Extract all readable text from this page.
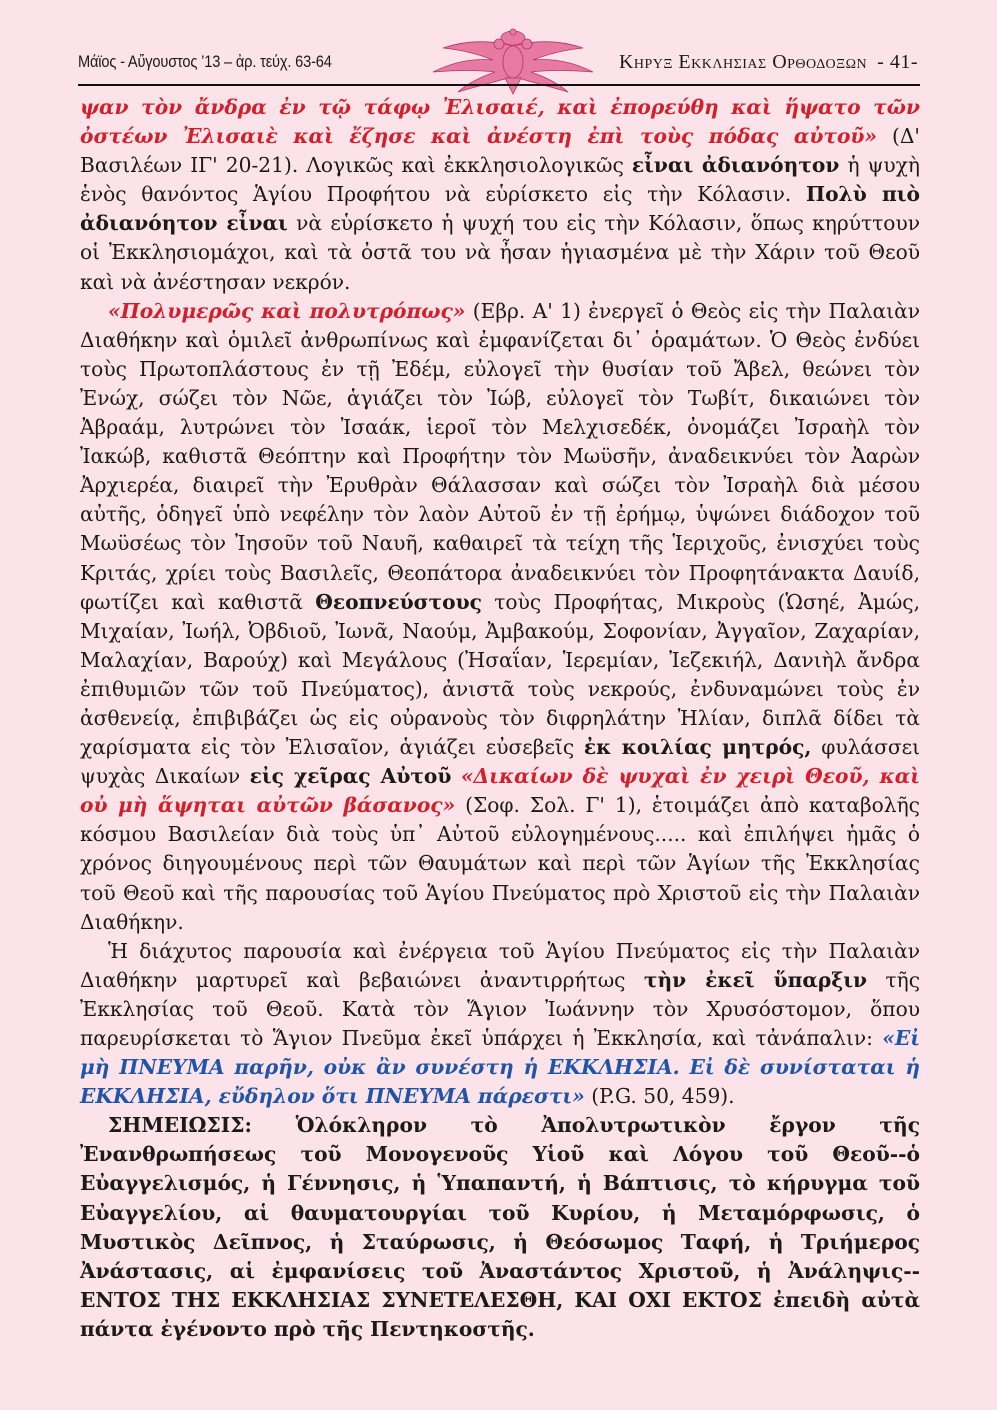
Μάϊος - Αὔγουστος ’13 – ἀρ. τεύχ. 63-64	Κηρυξ Εκκλησιας Ορθοδοξων - 41-

ψαν τὸν ἄνδρα ἐν τῷ τάφῳ Ἐλισαιέ, καὶ ἐπορεύθη καὶ ἥψατο τῶν ὀστέων Ἐλισαιὲ καὶ ἔζησε καὶ ἀνέστη ἐπὶ τοὺς πόδας αὐτοῦ» (Δ' Βασιλέων ΙΓ' 20-21). Λογικῶς καὶ ἐκκλησιολογικῶς εἶναι ἀδιανόητον ἡ ψυχὴ ἑνὸς θανόντος Ἁγίου Προφήτου νὰ εὑρίσκετο εἰς τὴν Κόλασιν. Πολὺ πιὸ ἀδιανόητον εἶναι νὰ εὑρίσκετο ἡ ψυχή του εἰς τὴν Κόλασιν, ὅπως κηρύττουν οἱ Ἐκκλησιομάχοι, καὶ τὰ ὀστᾶ του νὰ ἦσαν ἡγιασμένα μὲ τὴν Χάριν τοῦ Θεοῦ καὶ νὰ ἀνέστησαν νεκρόν.

«Πολυμερῶς καὶ πολυτρόπως» (Εβρ. Α' 1) ἐνεργεῖ ὁ Θεὸς εἰς τὴν Παλαιὰν Διαθήκην καὶ ὁμιλεῖ ἀνθρωπίνως καὶ ἐμφανίζεται δι᾽ ὁραμάτων. Ὁ Θεὸς ἐνδύει τοὺς Πρωτοπλάστους ἐν τῇ Ἐδέμ, εὐλογεῖ τὴν θυσίαν τοῦ Ἄβελ, θεώνει τὸν Ἐνώχ, σώζει τὸν Νῶε, ἁγιάζει τὸν Ἰώβ, εὐλογεῖ τὸν Τωβίτ, δικαιώνει τὸν Ἀβραάμ, λυτρώνει τὸν Ἰσαάκ, ἱεροῖ τὸν Μελχισεδέκ, ὀνομάζει Ἰσραὴλ τὸν Ἰακώβ, καθιστᾶ Θεόπτην καὶ Προφήτην τὸν Μωϋσῆν, ἀναδεικνύει τὸν Ἀαρὼν Ἀρχιερέα, διαιρεῖ τὴν Ἐρυθρὰν Θάλασσαν καὶ σώζει τὸν Ἰσραὴλ διὰ μέσου αὐτῆς, ὁδηγεῖ ὑπὸ νεφέλην τὸν λαὸν Αὐτοῦ ἐν τῇ ἐρήμῳ, ὑψώνει διάδοχον τοῦ Μωϋσέως τὸν Ἰησοῦν τοῦ Ναυῆ, καθαιρεῖ τὰ τείχη τῆς Ἱεριχοῦς, ἐνισχύει τοὺς Κριτάς, χρίει τοὺς Βασιλεῖς, Θεοπάτορα ἀναδεικνύει τὸν Προφητάνακτα Δαυίδ, φωτίζει καὶ καθιστᾶ Θεοπνεύστους τοὺς Προφήτας, Μικροὺς (Ὡσηέ, Ἀμώς, Μιχαίαν, Ἰωήλ, Ὀβδιοῦ, Ἰωνᾶ, Ναούμ, Ἀμβακούμ, Σοφονίαν, Ἀγγαῖον, Ζαχαρίαν, Μαλαχίαν, Βαρούχ) καὶ Μεγάλους (Ἠσαΐαν, Ἱερεμίαν, Ἰεζεκιήλ, Δανιὴλ ἄνδρα ἐπιθυμιῶν τῶν τοῦ Πνεύματος), ἀνιστᾶ τοὺς νεκρούς, ἐνδυναμώνει τοὺς ἐν ἀσθενείᾳ, ἐπιβιβάζει ὡς εἰς οὐρανοὺς τὸν διφρηλάτην Ἠλίαν, διπλᾶ δίδει τὰ χαρίσματα εἰς τὸν Ἐλισαῖον, ἁγιάζει εὐσεβεῖς ἐκ κοιλίας μητρός, φυλάσσει ψυχὰς Δικαίων εἰς χεῖρας Αὐτοῦ «Δικαίων δὲ ψυχαὶ ἐν χειρὶ Θεοῦ, καὶ οὐ μὴ ἅψηται αὐτῶν βάσανος» (Σοφ. Σολ. Γ' 1), ἑτοιμάζει ἀπὸ καταβολῆς κόσμου Βασιλείαν διὰ τοὺς ὑπ᾽ Αὐτοῦ εὐλογημένους..... καὶ ἐπιλήψει ἡμᾶς ὁ χρόνος διηγουμένους περὶ τῶν Θαυμάτων καὶ περὶ τῶν Ἁγίων τῆς Ἐκκλησίας τοῦ Θεοῦ καὶ τῆς παρουσίας τοῦ Ἁγίου Πνεύματος πρὸ Χριστοῦ εἰς τὴν Παλαιὰν Διαθήκην.

Ἡ διάχυτος παρουσία καὶ ἐνέργεια τοῦ Ἁγίου Πνεύματος εἰς τὴν Παλαιὰν Διαθήκην μαρτυρεῖ καὶ βεβαιώνει ἀναντιρρήτως τὴν ἐκεῖ ὕπαρξιν τῆς Ἐκκλησίας τοῦ Θεοῦ. Κατὰ τὸν Ἅγιον Ἰωάννην τὸν Χρυσόστομον, ὅπου παρευρίσκεται τὸ Ἅγιον Πνεῦμα ἐκεῖ ὑπάρχει ἡ Ἐκκλησία, καὶ τἀνάπαλιν: «Εἰ μὴ ΠΝΕΥΜΑ παρῆν, οὐκ ἂν συνέστη ἡ ΕΚΚΛΗΣΙΑ. Εἰ δὲ συνίσταται ἡ ΕΚΚΛΗΣΙΑ, εὔδηλον ὅτι ΠΝΕΥΜΑ πάρεστι» (P.G. 50, 459).

ΣΗΜΕΙΩΣΙΣ: Ὁλόκληρον τὸ Ἀπολυτρωτικὸν ἔργον τῆς Ἐνανθρωπήσεως τοῦ Μονογενοῦς Υἱοῦ καὶ Λόγου τοῦ Θεοῦ--ὁ Εὐαγγελισμός, ἡ Γέννησις, ἡ Ὑπαπαντή, ἡ Βάπτισις, τὸ κήρυγμα τοῦ Εὐαγγελίου, αἱ θαυματουργίαι τοῦ Κυρίου, ἡ Μεταμόρφωσις, ὁ Μυστικὸς Δεῖπνος, ἡ Σταύρωσις, ἡ Θεόσωμος Ταφή, ἡ Τριήμερος Ἀνάστασις, αἱ ἐμφανίσεις τοῦ Ἀναστάντος Χριστοῦ, ἡ Ἀνάληψις--ΕΝΤΟΣ ΤΗΣ ΕΚΚΛΗΣΙΑΣ ΣΥΝΕΤΕΛΕΣΘΗ, ΚΑΙ ΟΧΙ ΕΚΤΟΣ ἐπειδὴ αὐτὰ πάντα ἐγένοντο πρὸ τῆς Πεντηκοστῆς.
